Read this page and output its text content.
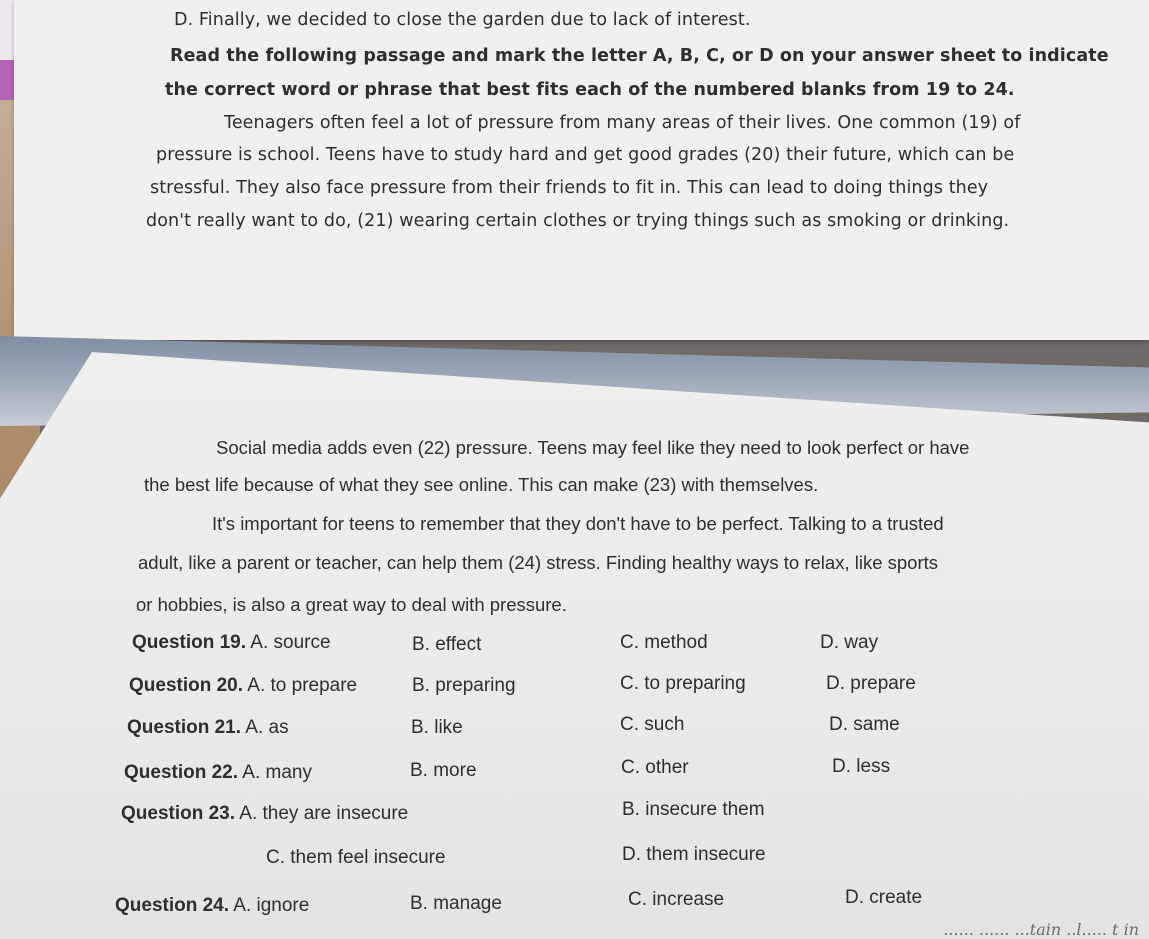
D. Finally, we decided to close the garden due to lack of interest.
Read the following passage and mark the letter A, B, C, or D on your answer sheet to indicate
the correct word or phrase that best fits each of the numbered blanks from 19 to 24.
Teenagers often feel a lot of pressure from many areas of their lives. One common (19) of
pressure is school. Teens have to study hard and get good grades (20) their future, which can be
stressful. They also face pressure from their friends to fit in. This can lead to doing things they
don't really want to do, (21) wearing certain clothes or trying things such as smoking or drinking.
Social media adds even (22) pressure. Teens may feel like they need to look perfect or have
the best life because of what they see online. This can make (23) with themselves.
It's important for teens to remember that they don't have to be perfect. Talking to a trusted
adult, like a parent or teacher, can help them (24) stress. Finding healthy ways to relax, like sports
or hobbies, is also a great way to deal with pressure.
Question 19. A. source	B. effect	C. method	D. way
Question 20. A. to prepare	B. preparing	C. to preparing	D. prepare
Question 21. A. as	B. like	C. such	D. same
Question 22. A. many	B. more	C. other	D. less
Question 23. A. they are insecure	B. insecure them
C. them feel insecure	D. them insecure
Question 24. A. ignore	B. manage	C. increase	D. create
...... ...... ...tain ..l..... t in
